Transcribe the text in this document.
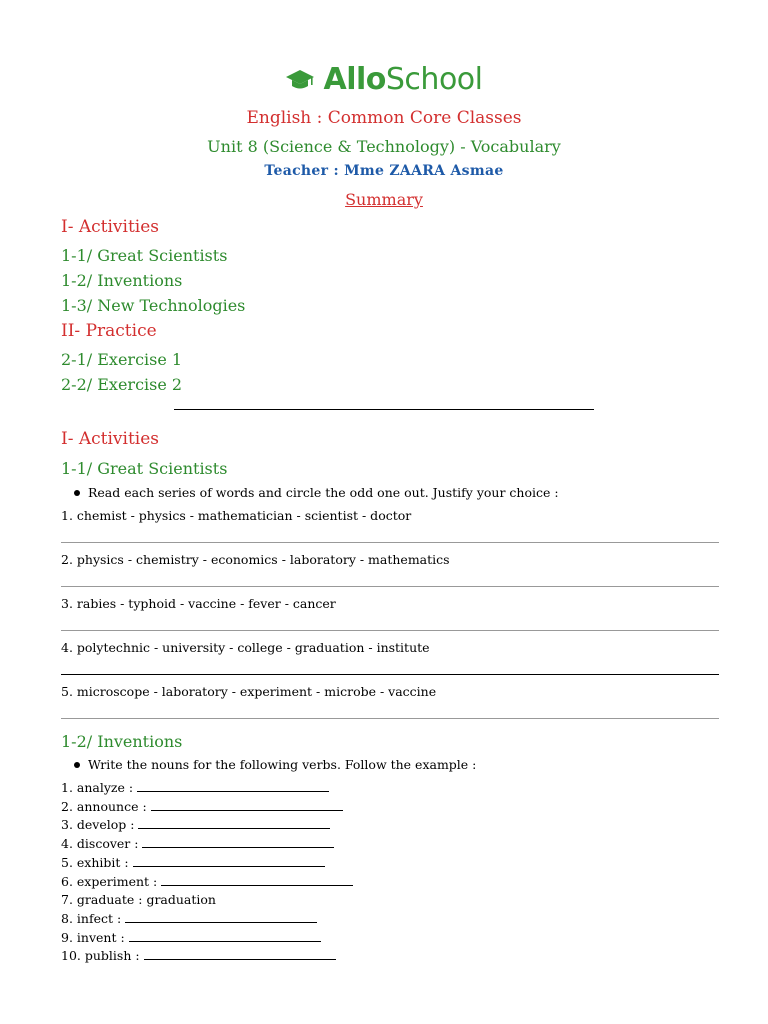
AlloSchool
English : Common Core Classes
Unit 8 (Science & Technology) - Vocabulary
Teacher : Mme ZAARA Asmae
Summary
I- Activities
1-1/ Great Scientists
1-2/ Inventions
1-3/ New Technologies
II- Practice
2-1/ Exercise 1
2-2/ Exercise 2
I- Activities
1-1/ Great Scientists
Read each series of words and circle the odd one out. Justify your choice :
1. chemist - physics - mathematician - scientist - doctor
2. physics - chemistry - economics - laboratory - mathematics
3. rabies - typhoid - vaccine - fever - cancer
4. polytechnic - university - college - graduation - institute
5. microscope - laboratory - experiment - microbe - vaccine
1-2/ Inventions
Write the nouns for the following verbs. Follow the example :
1. analyze :
2. announce :
3. develop :
4. discover :
5. exhibit :
6. experiment :
7. graduate : graduation
8. infect :
9. invent :
10. publish :
